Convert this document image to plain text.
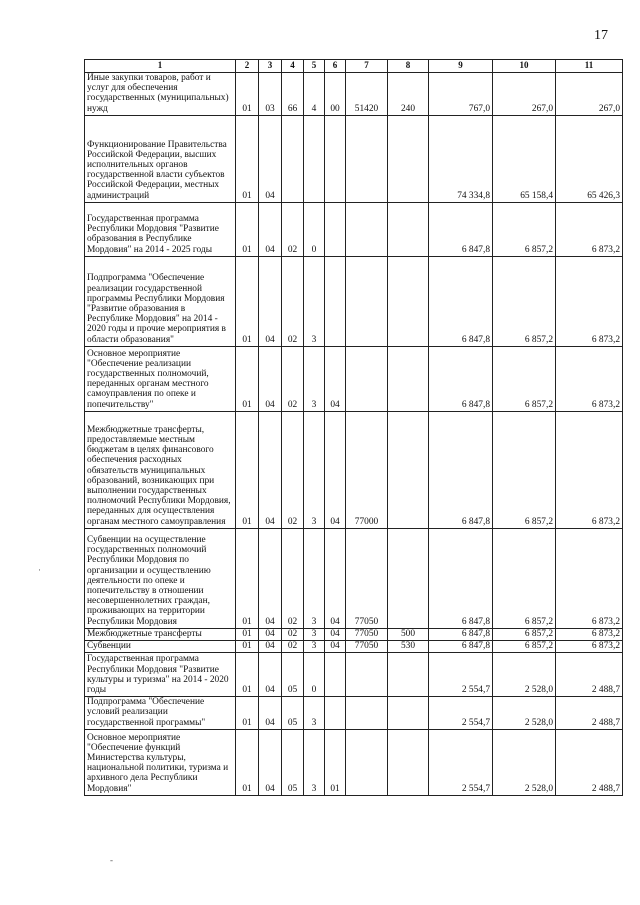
17
1	2	3	4	5	6	7	8	9	10	11
Иные закупки товаров, работ и услуг для обеспечения государственных (муниципальных) нужд	01	03	66	4	00	51420	240	767,0	267,0	267,0
Функционирование Правительства Российской Федерации, высших исполнительных органов государственной власти субъектов Российской Федерации, местных администраций	01	04						74 334,8	65 158,4	65 426,3
Государственная программа Республики Мордовия "Развитие образования в Республике Мордовия" на 2014 - 2025 годы	01	04	02	0				6 847,8	6 857,2	6 873,2
Подпрограмма "Обеспечение реализации государственной программы Республики Мордовия "Развитие образования в Республике Мордовия" на 2014 - 2020 годы и прочие мероприятия в области образования"	01	04	02	3				6 847,8	6 857,2	6 873,2
Основное мероприятие "Обеспечение реализации государственных полномочий, переданных органам местного самоуправления по опеке и попечительству"	01	04	02	3	04			6 847,8	6 857,2	6 873,2
Межбюджетные трансферты, предоставляемые местным бюджетам в целях финансового обеспечения расходных обязательств муниципальных образований, возникающих при выполнении государственных полномочий Республики Мордовия, переданных для осуществления органам местного самоуправления	01	04	02	3	04	77000		6 847,8	6 857,2	6 873,2
Субвенции на осуществление государственных полномочий Республики Мордовия по организации и осуществлению деятельности по опеке и попечительству в отношении несовершеннолетних граждан, проживающих на территории Республики Мордовия	01	04	02	3	04	77050		6 847,8	6 857,2	6 873,2
Межбюджетные трансферты	01	04	02	3	04	77050	500	6 847,8	6 857,2	6 873,2
Субвенции	01	04	02	3	04	77050	530	6 847,8	6 857,2	6 873,2
Государственная программа Республики Мордовия "Развитие культуры и туризма" на 2014 - 2020 годы	01	04	05	0				2 554,7	2 528,0	2 488,7
Подпрограмма "Обеспечение условий реализации государственной программы"	01	04	05	3				2 554,7	2 528,0	2 488,7
Основное мероприятие "Обеспечение функций Министерства культуры, национальной политики, туризма и архивного дела Республики Мордовия"	01	04	05	3	01			2 554,7	2 528,0	2 488,7
·
-
